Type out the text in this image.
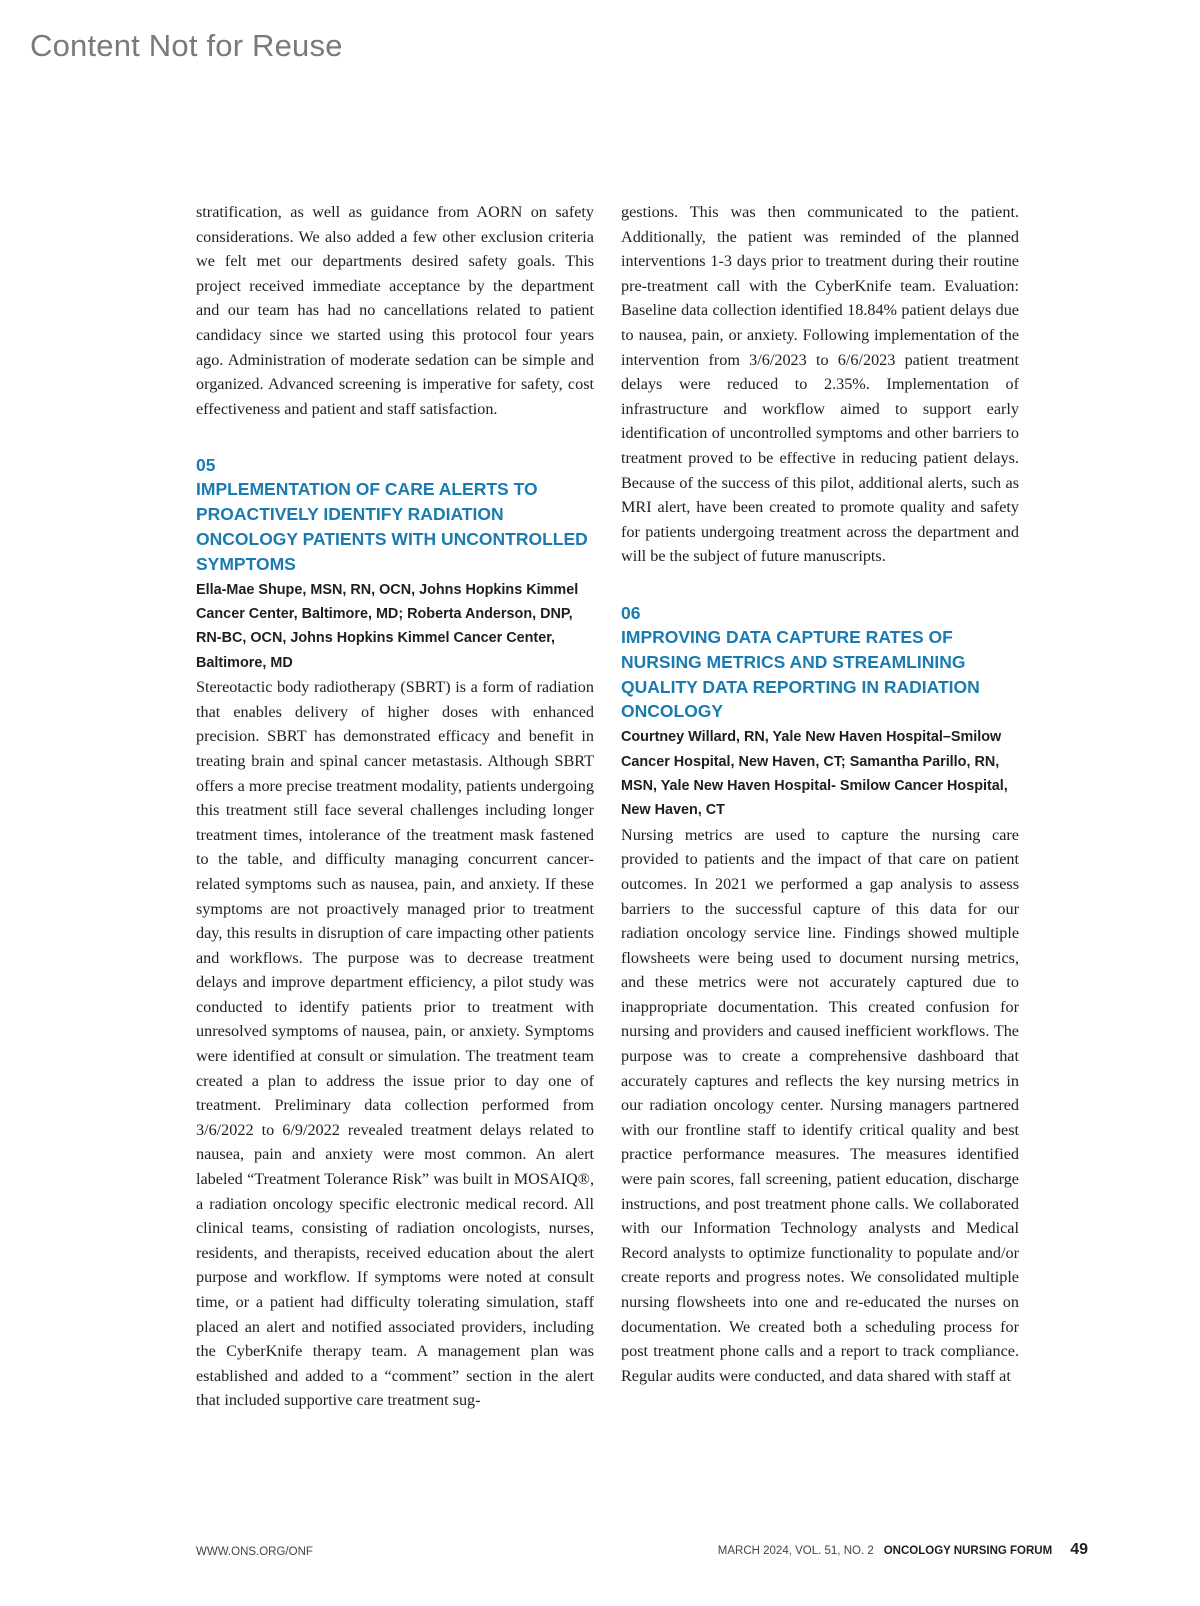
Content Not for Reuse

stratification, as well as guidance from AORN on safety considerations. We also added a few other exclusion criteria we felt met our departments desired safety goals. This project received immediate acceptance by the department and our team has had no cancellations related to patient candidacy since we started using this protocol four years ago. Administration of moderate sedation can be simple and organized. Advanced screening is imperative for safety, cost effectiveness and patient and staff satisfaction.

05
IMPLEMENTATION OF CARE ALERTS TO PROACTIVELY IDENTIFY RADIATION ONCOLOGY PATIENTS WITH UNCONTROLLED SYMPTOMS
Ella-Mae Shupe, MSN, RN, OCN, Johns Hopkins Kimmel Cancer Center, Baltimore, MD; Roberta Anderson, DNP, RN-BC, OCN, Johns Hopkins Kimmel Cancer Center, Baltimore, MD

Stereotactic body radiotherapy (SBRT) is a form of radiation that enables delivery of higher doses with enhanced precision. SBRT has demonstrated efficacy and benefit in treating brain and spinal cancer metastasis. Although SBRT offers a more precise treatment modality, patients undergoing this treatment still face several challenges including longer treatment times, intolerance of the treatment mask fastened to the table, and difficulty managing concurrent cancer-related symptoms such as nausea, pain, and anxiety. If these symptoms are not proactively managed prior to treatment day, this results in disruption of care impacting other patients and workflows. The purpose was to decrease treatment delays and improve department efficiency, a pilot study was conducted to identify patients prior to treatment with unresolved symptoms of nausea, pain, or anxiety. Symptoms were identified at consult or simulation. The treatment team created a plan to address the issue prior to day one of treatment. Preliminary data collection performed from 3/6/2022 to 6/9/2022 revealed treatment delays related to nausea, pain and anxiety were most common. An alert labeled “Treatment Tolerance Risk” was built in MOSAIQ®, a radiation oncology specific electronic medical record. All clinical teams, consisting of radiation oncologists, nurses, residents, and therapists, received education about the alert purpose and workflow. If symptoms were noted at consult time, or a patient had difficulty tolerating simulation, staff placed an alert and notified associated providers, including the CyberKnife therapy team. A management plan was established and added to a “comment” section in the alert that included supportive care treatment sug-

gestions. This was then communicated to the patient. Additionally, the patient was reminded of the planned interventions 1-3 days prior to treatment during their routine pre-treatment call with the CyberKnife team. Evaluation: Baseline data collection identified 18.84% patient delays due to nausea, pain, or anxiety. Following implementation of the intervention from 3/6/2023 to 6/6/2023 patient treatment delays were reduced to 2.35%. Implementation of infrastructure and workflow aimed to support early identification of uncontrolled symptoms and other barriers to treatment proved to be effective in reducing patient delays. Because of the success of this pilot, additional alerts, such as MRI alert, have been created to promote quality and safety for patients undergoing treatment across the department and will be the subject of future manuscripts.

06
IMPROVING DATA CAPTURE RATES OF NURSING METRICS AND STREAMLINING QUALITY DATA REPORTING IN RADIATION ONCOLOGY
Courtney Willard, RN, Yale New Haven Hospital–Smilow Cancer Hospital, New Haven, CT; Samantha Parillo, RN, MSN, Yale New Haven Hospital- Smilow Cancer Hospital, New Haven, CT

Nursing metrics are used to capture the nursing care provided to patients and the impact of that care on patient outcomes. In 2021 we performed a gap analysis to assess barriers to the successful capture of this data for our radiation oncology service line. Findings showed multiple flowsheets were being used to document nursing metrics, and these metrics were not accurately captured due to inappropriate documentation. This created confusion for nursing and providers and caused inefficient workflows. The purpose was to create a comprehensive dashboard that accurately captures and reflects the key nursing metrics in our radiation oncology center. Nursing managers partnered with our frontline staff to identify critical quality and best practice performance measures. The measures identified were pain scores, fall screening, patient education, discharge instructions, and post treatment phone calls. We collaborated with our Information Technology analysts and Medical Record analysts to optimize functionality to populate and/or create reports and progress notes. We consolidated multiple nursing flowsheets into one and re-educated the nurses on documentation. We created both a scheduling process for post treatment phone calls and a report to track compliance. Regular audits were conducted, and data shared with staff at

WWW.ONS.ORG/ONF	MARCH 2024, VOL. 51, NO. 2 ONCOLOGY NURSING FORUM 49
